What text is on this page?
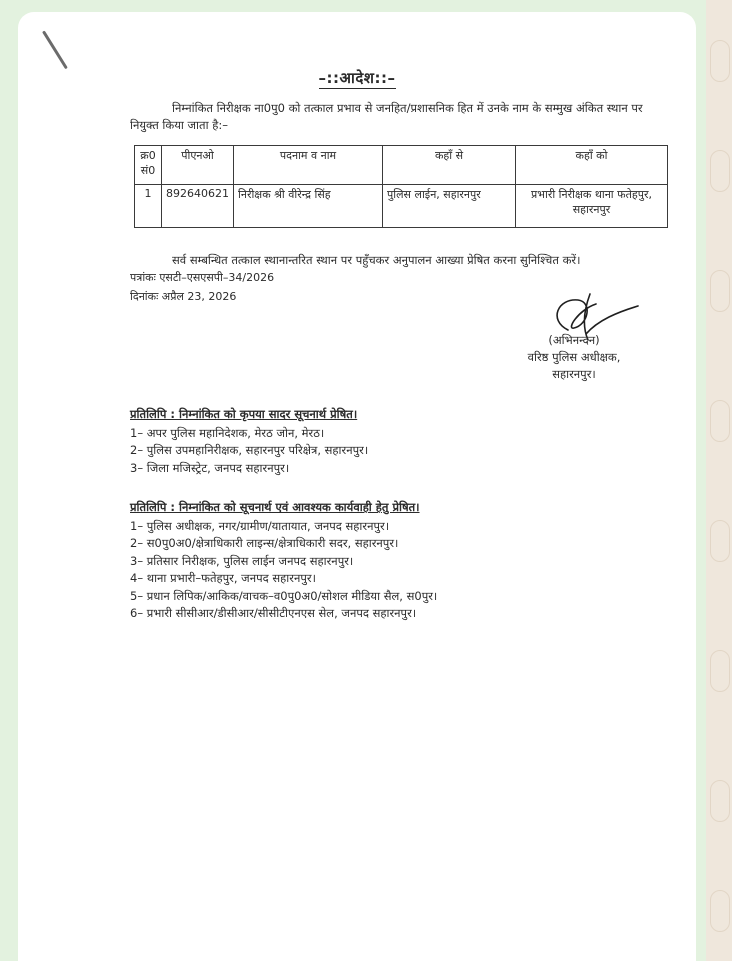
–::आदेश::–
निम्नांकित निरीक्षक ना0पु0 को तत्काल प्रभाव से जनहित/प्रशासनिक हित में उनके नाम के सम्मुख अंकित स्थान पर नियुक्त किया जाता है:–
क्र0 सं0	पीएनओ	पदनाम व नाम	कहाँ से	कहाँ को
1	892640621	निरीक्षक श्री वीरेन्द्र सिंह	पुलिस लाईन, सहारनपुर	प्रभारी निरीक्षक थाना फतेहपुर, सहारनपुर
सर्व सम्बन्धित तत्काल स्थानान्तरित स्थान पर पहुँचकर अनुपालन आख्या प्रेषित करना सुनिश्चित करें।
पत्रांकः एसटी–एसएसपी–34/2026
दिनांकः अप्रैल 23, 2026
(अभिनन्दन)
वरिष्ठ पुलिस अधीक्षक,
सहारनपुर।
प्रतिलिपि : निम्नांकित को कृपया सादर सूचनार्थ प्रेषित।
1– अपर पुलिस महानिदेशक, मेरठ जोन, मेरठ।
2– पुलिस उपमहानिरीक्षक, सहारनपुर परिक्षेत्र, सहारनपुर।
3– जिला मजिस्ट्रेट, जनपद सहारनपुर।
प्रतिलिपि : निम्नांकित को सूचनार्थ एवं आवश्यक कार्यवाही हेतु प्रेषित।
1– पुलिस अधीक्षक, नगर/ग्रामीण/यातायात, जनपद सहारनपुर।
2– स0पु0अ0/क्षेत्राधिकारी लाइन्स/क्षेत्राधिकारी सदर, सहारनपुर।
3– प्रतिसार निरीक्षक, पुलिस लाईन जनपद सहारनपुर।
4– थाना प्रभारी–फतेहपुर, जनपद सहारनपुर।
5– प्रधान लिपिक/आकिक/वाचक–व0पु0अ0/सोशल मीडिया सैल, स0पुर।
6– प्रभारी सीसीआर/डीसीआर/सीसीटीएनएस सेल, जनपद सहारनपुर।
